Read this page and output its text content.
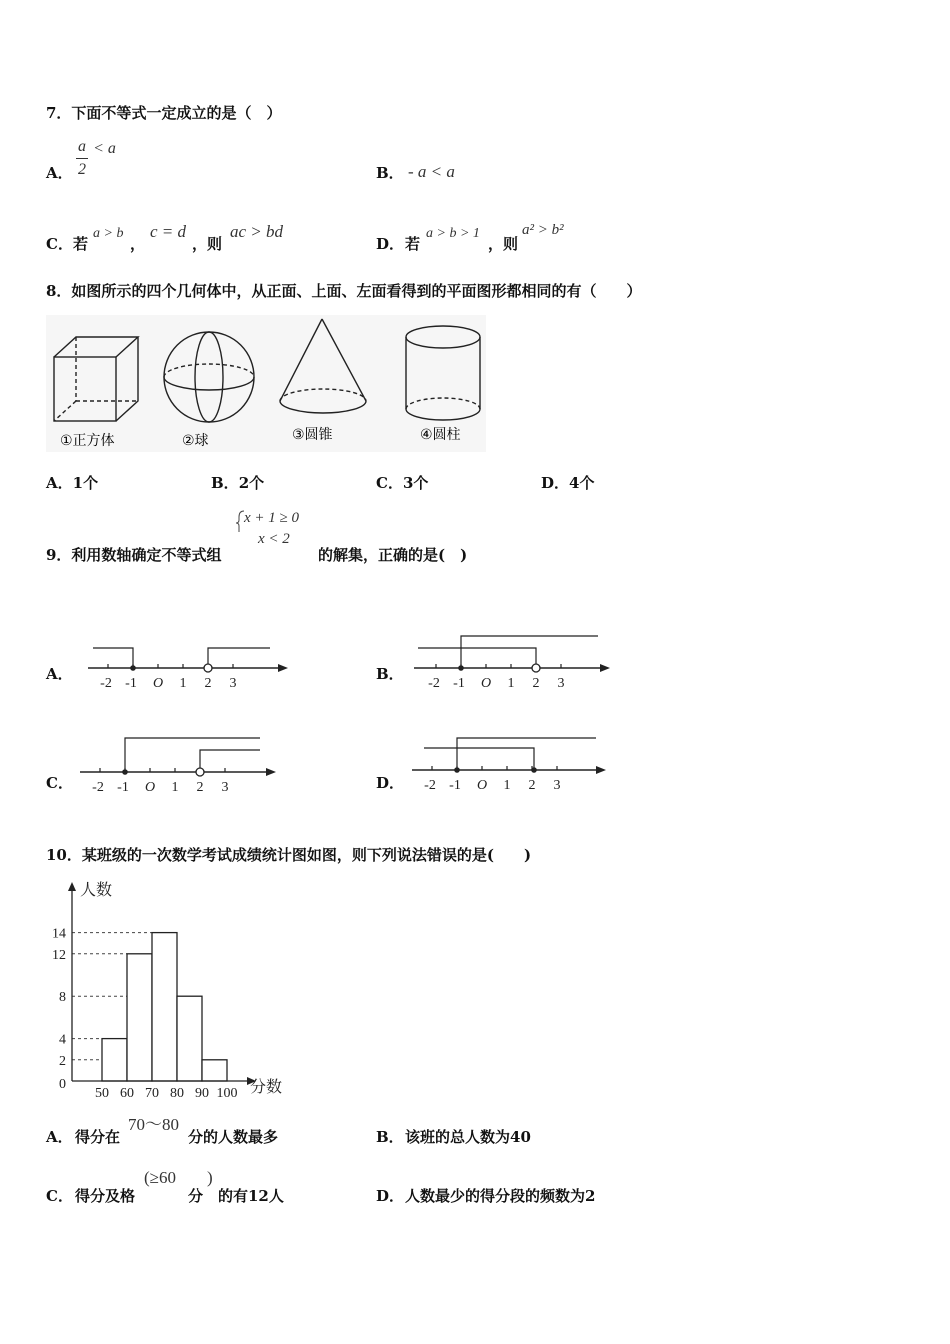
7．下面不等式一定成立的是（　）
A． $\frac{a}{2} < a$
B． - a < a
C． 若
a > b
，
c = d
，则
ac > bd
D． 若
a > b > 1
，则
a² > b²
8．如图所示的四个几何体中，从正面、上面、左面看得到的平面图形都相同的有（　　）
①正方体	②球	③圆锥	④圆柱
A．1个	B．2个	C．3个	D．4个
9．利用数轴确定不等式组
x + 1 ≥ 0
x < 2
的解集，正确的是(　)
A．	B．
C．	D．
-2 -1 O 1 2 3	-2 -1 O 1 2 3
-2 -1 O 1 2 3	-2 -1 O 1 2 3
10．某班级的一次数学考试成绩统计图如图，则下列说法错误的是(　　)
人数
分数
2
4
8
12
14
0
50 60 70 80 90 100
A． 得分在
70～80
分的人数最多	B． 该班的总人数为40
C． 得分及格
(≥60
分
)
的有12人	D． 人数最少的得分段的频数为2
